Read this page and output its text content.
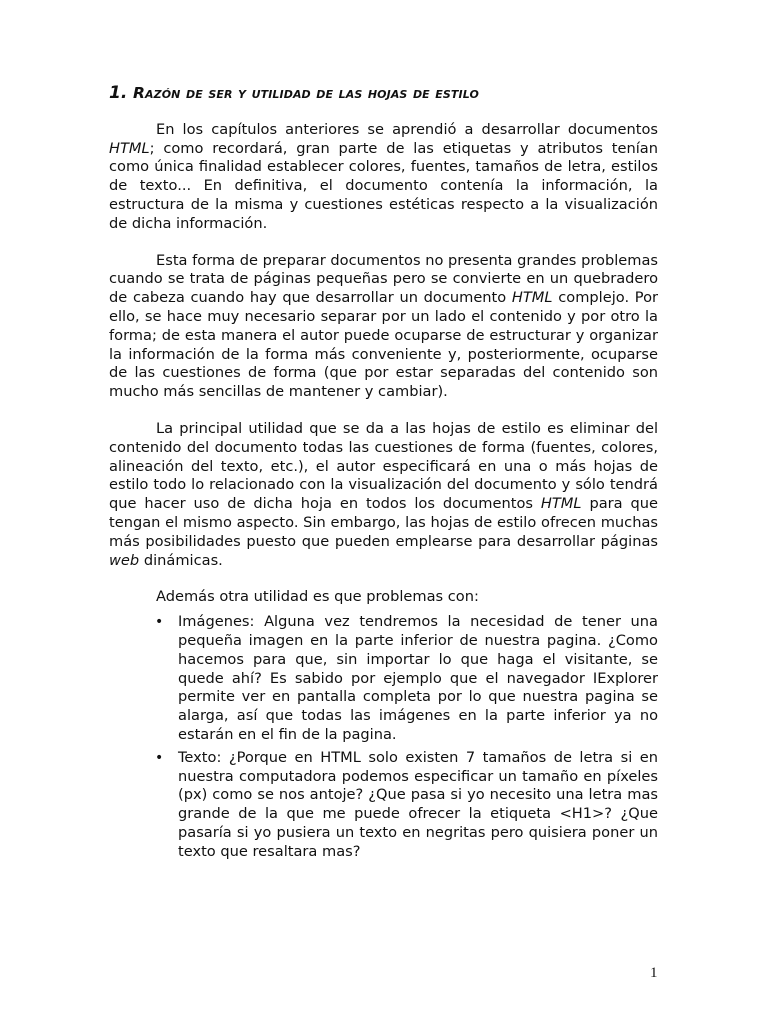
1. Razón de ser y utilidad de las hojas de estilo

En los capítulos anteriores se aprendió a desarrollar documentos HTML; como recordará, gran parte de las etiquetas y atributos tenían como única finalidad establecer colores, fuentes, tamaños de letra, estilos de texto... En definitiva, el documento contenía la información, la estructura de la misma y cuestiones estéticas respecto a la visualización de dicha información.

Esta forma de preparar documentos no presenta grandes problemas cuando se trata de páginas pequeñas pero se convierte en un quebradero de cabeza cuando hay que desarrollar un documento HTML complejo. Por ello, se hace muy necesario separar por un lado el contenido y por otro la forma; de esta manera el autor puede ocuparse de estructurar y organizar la información de la forma más conveniente y, posteriormente, ocuparse de las cuestiones de forma (que por estar separadas del contenido son mucho más sencillas de mantener y cambiar).

La principal utilidad que se da a las hojas de estilo es eliminar del contenido del documento todas las cuestiones de forma (fuentes, colores, alineación del texto, etc.), el autor especificará en una o más hojas de estilo todo lo relacionado con la visualización del documento y sólo tendrá que hacer uso de dicha hoja en todos los documentos HTML para que tengan el mismo aspecto. Sin embargo, las hojas de estilo ofrecen muchas más posibilidades puesto que pueden emplearse para desarrollar páginas web dinámicas.

Además otra utilidad es que problemas con:

• Imágenes: Alguna vez tendremos la necesidad de tener una pequeña imagen en la parte inferior de nuestra pagina. ¿Como hacemos para que, sin importar lo que haga el visitante, se quede ahí? Es sabido por ejemplo que el navegador IExplorer permite ver en pantalla completa por lo que nuestra pagina se alarga, así que todas las imágenes en la parte inferior ya no estarán en el fin de la pagina.
• Texto: ¿Porque en HTML solo existen 7 tamaños de letra si en nuestra computadora podemos especificar un tamaño en píxeles (px) como se nos antoje? ¿Que pasa si yo necesito una letra mas grande de la que me puede ofrecer la etiqueta <H1>? ¿Que pasaría si yo pusiera un texto en negritas pero quisiera poner un texto que resaltara mas?
1
